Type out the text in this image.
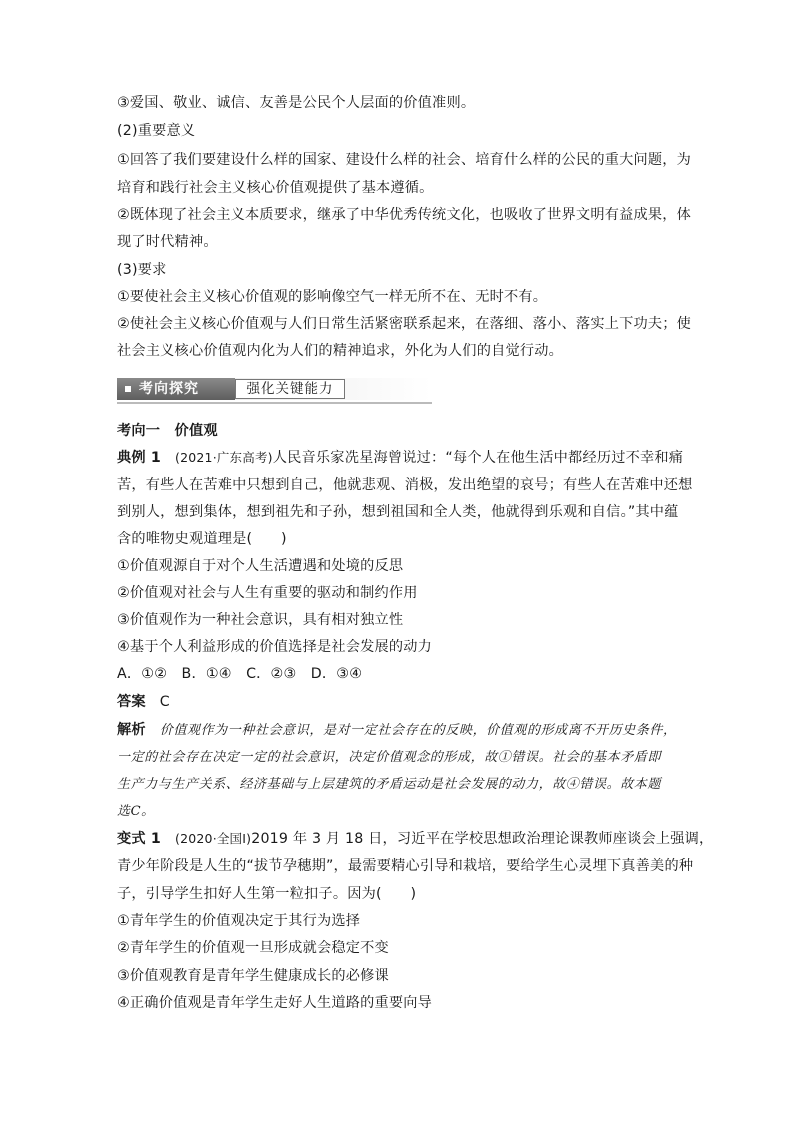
③爱国、敬业、诚信、友善是公民个人层面的价值准则。
(2)重要意义
①回答了我们要建设什么样的国家、建设什么样的社会、培育什么样的公民的重大问题，为
培育和践行社会主义核心价值观提供了基本遵循。
②既体现了社会主义本质要求，继承了中华优秀传统文化，也吸收了世界文明有益成果，体
现了时代精神。
(3)要求
①要使社会主义核心价值观的影响像空气一样无所不在、无时不有。
②使社会主义核心价值观与人们日常生活紧密联系起来，在落细、落小、落实上下功夫；使
社会主义核心价值观内化为人们的精神追求，外化为人们的自觉行动。
考向探究	强化关键能力
考向一　价值观
典例 1 (2021·广东高考)人民音乐家冼星海曾说过：“每个人在他生活中都经历过不幸和痛
苦，有些人在苦难中只想到自己，他就悲观、消极，发出绝望的哀号；有些人在苦难中还想
到别人，想到集体，想到祖先和子孙，想到祖国和全人类，他就得到乐观和自信。”其中蕴
含的唯物史观道理是(　　)
①价值观源自于对个人生活遭遇和处境的反思
②价值观对社会与人生有重要的驱动和制约作用
③价值观作为一种社会意识，具有相对独立性
④基于个人利益形成的价值选择是社会发展的动力
A．①②　B．①④　C．②③　D．③④
答案 C
解析 价值观作为一种社会意识，是对一定社会存在的反映，价值观的形成离不开历史条件，
一定的社会存在决定一定的社会意识，决定价值观念的形成，故①错误。社会的基本矛盾即
生产力与生产关系、经济基础与上层建筑的矛盾运动是社会发展的动力，故④错误。故本题
选C。
变式 1 (2020·全国Ⅰ)2019 年 3 月 18 日，习近平在学校思想政治理论课教师座谈会上强调，
青少年阶段是人生的“拔节孕穗期”，最需要精心引导和栽培，要给学生心灵埋下真善美的种
子，引导学生扣好人生第一粒扣子。因为(　　)
①青年学生的价值观决定于其行为选择
②青年学生的价值观一旦形成就会稳定不变
③价值观教育是青年学生健康成长的必修课
④正确价值观是青年学生走好人生道路的重要向导
